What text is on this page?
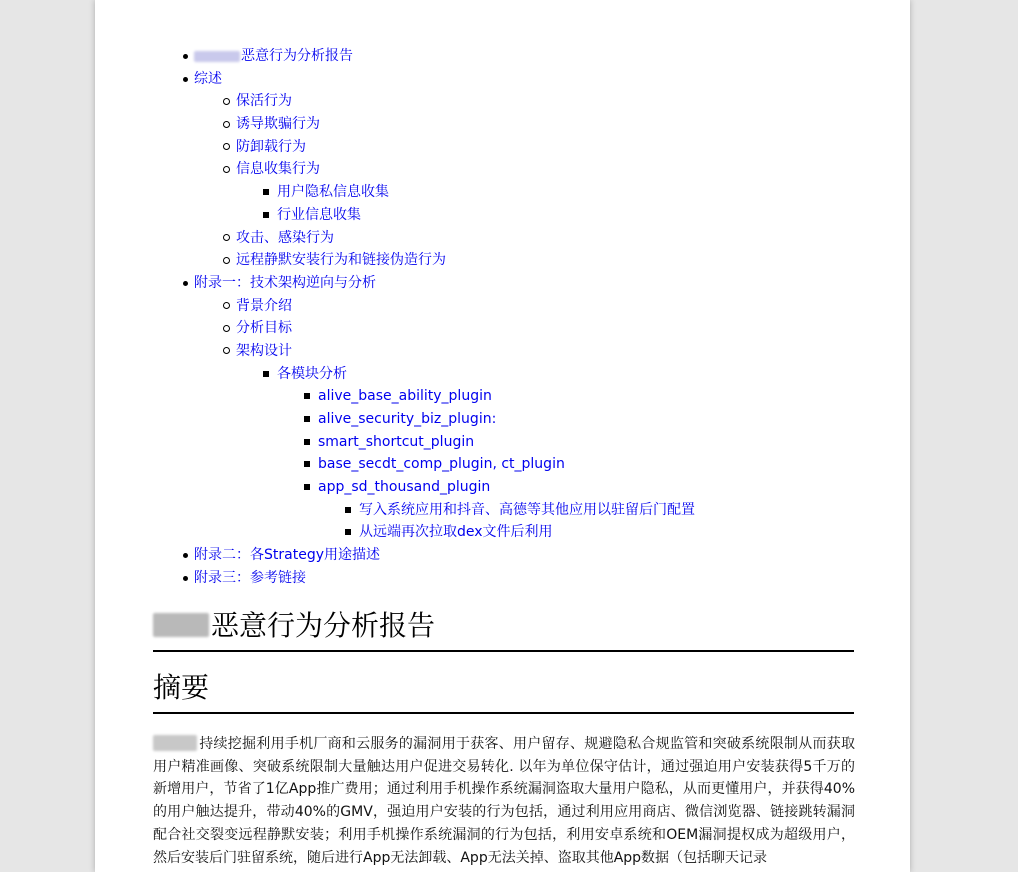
恶意行为分析报告
综述
保活行为
诱导欺骗行为
防卸载行为
信息收集行为
用户隐私信息收集
行业信息收集
攻击、感染行为
远程静默安装行为和链接伪造行为
附录一：技术架构逆向与分析
背景介绍
分析目标
架构设计
各模块分析
alive_base_ability_plugin
alive_security_biz_plugin:
smart_shortcut_plugin
base_secdt_comp_plugin, ct_plugin
app_sd_thousand_plugin
写入系统应用和抖音、高德等其他应用以驻留后门配置
从远端再次拉取dex文件后利用
附录二：各Strategy用途描述
附录三：参考链接
恶意行为分析报告
摘要

持续挖掘利用手机厂商和云服务的漏洞用于获客、用户留存、规避隐私合规监管和突破系统限制从而获取用户精准画像、突破系统限制大量触达用户促进交易转化. 以年为单位保守估计，通过强迫用户安装获得5千万的新增用户，节省了1亿App推广费用；通过利用手机操作系统漏洞盗取大量用户隐私，从而更懂用户，并获得40%的用户触达提升，带动40%的GMV，强迫用户安装的行为包括，通过利用应用商店、微信浏览器、链接跳转漏洞配合社交裂变远程静默安装；利用手机操作系统漏洞的行为包括，利用安卓系统和OEM漏洞提权成为超级用户，然后安装后门驻留系统，随后进行App无法卸载、App无法关掉、盗取其他App数据（包括聊天记录
